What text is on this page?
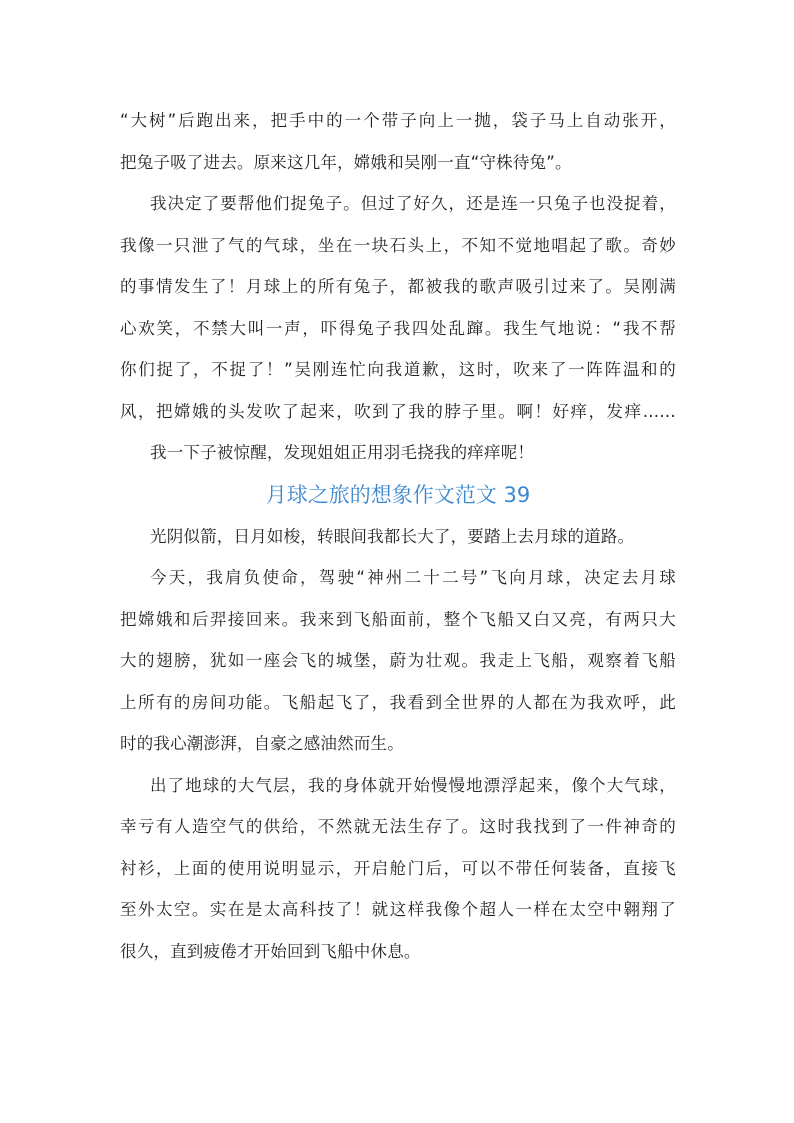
“大树”后跑出来，把手中的一个带子向上一抛，袋子马上自动张开，
把兔子吸了进去。原来这几年，嫦娥和吴刚一直“守株待兔”。
我决定了要帮他们捉兔子。但过了好久，还是连一只兔子也没捉着，
我像一只泄了气的气球，坐在一块石头上，不知不觉地唱起了歌。奇妙
的事情发生了！月球上的所有兔子，都被我的歌声吸引过来了。吴刚满
心欢笑，不禁大叫一声，吓得兔子我四处乱蹿。我生气地说：“我不帮
你们捉了，不捉了！”吴刚连忙向我道歉，这时，吹来了一阵阵温和的
风，把嫦娥的头发吹了起来，吹到了我的脖子里。啊！好痒，发痒……
我一下子被惊醒，发现姐姐正用羽毛挠我的痒痒呢！
月球之旅的想象作文范文 39
光阴似箭，日月如梭，转眼间我都长大了，要踏上去月球的道路。
今天，我肩负使命，驾驶“神州二十二号”飞向月球，决定去月球
把嫦娥和后羿接回来。我来到飞船面前，整个飞船又白又亮，有两只大
大的翅膀，犹如一座会飞的城堡，蔚为壮观。我走上飞船，观察着飞船
上所有的房间功能。飞船起飞了，我看到全世界的人都在为我欢呼，此
时的我心潮澎湃，自豪之感油然而生。
出了地球的大气层，我的身体就开始慢慢地漂浮起来，像个大气球，
幸亏有人造空气的供给，不然就无法生存了。这时我找到了一件神奇的
衬衫，上面的使用说明显示，开启舱门后，可以不带任何装备，直接飞
至外太空。实在是太高科技了！就这样我像个超人一样在太空中翱翔了
很久，直到疲倦才开始回到飞船中休息。
